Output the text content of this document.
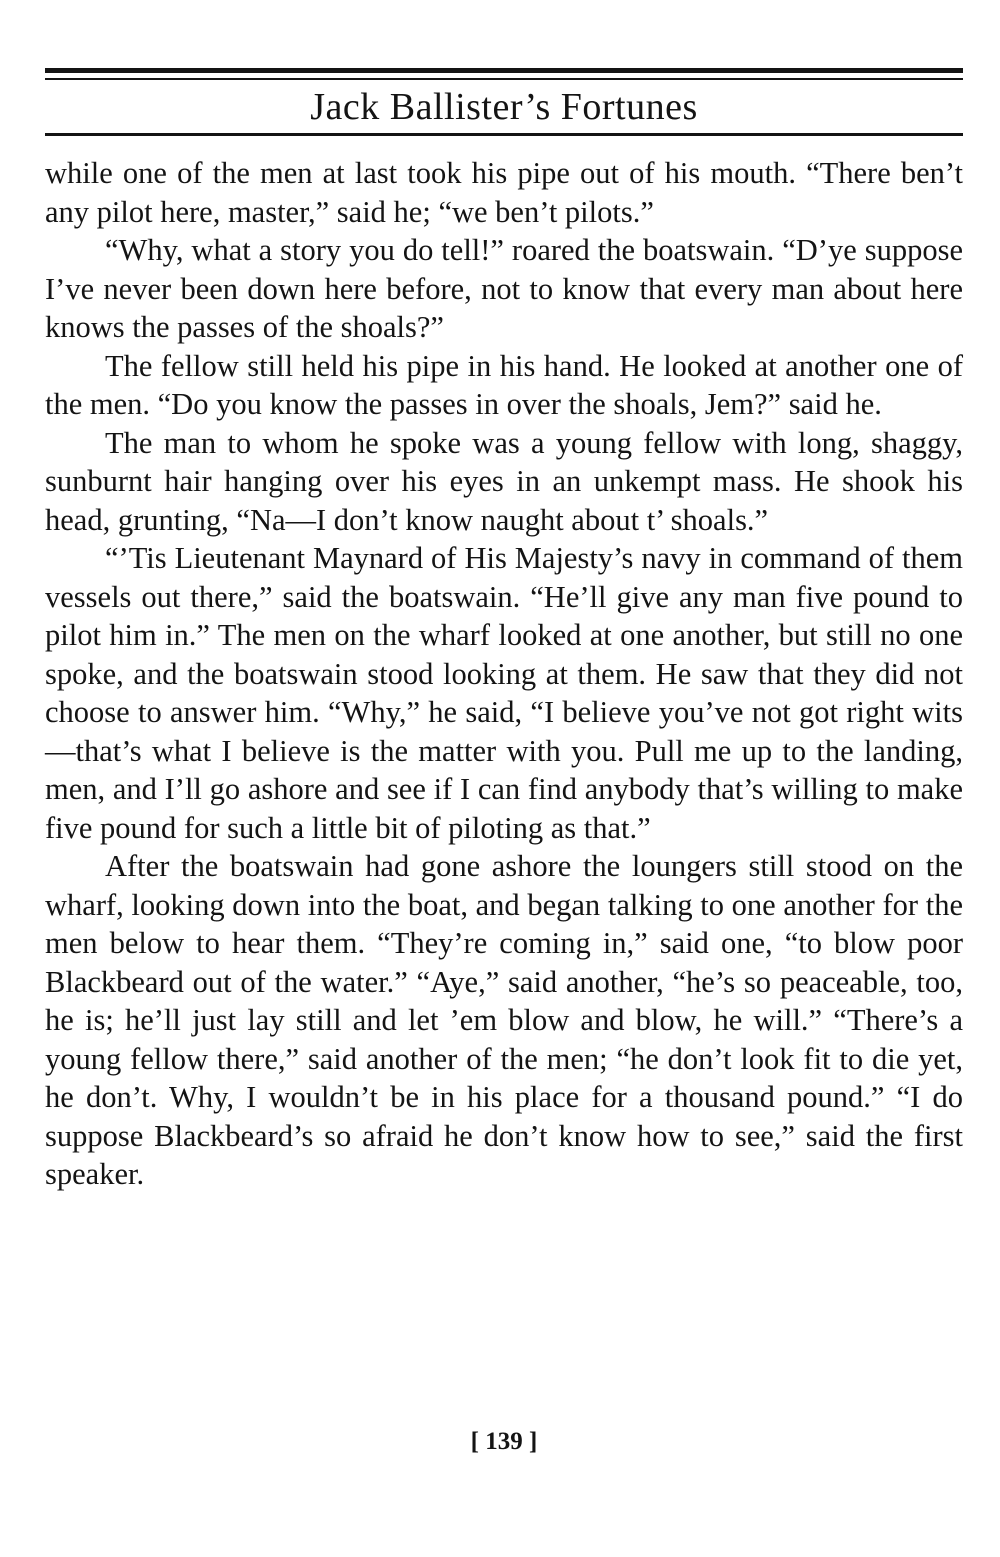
Jack Ballister’s Fortunes

while one of the men at last took his pipe out of his mouth. “There ben’t any pilot here, master,” said he; “we ben’t pilots.”

“Why, what a story you do tell!” roared the boatswain. “D’ye suppose I’ve never been down here before, not to know that every man about here knows the passes of the shoals?”

The fellow still held his pipe in his hand. He looked at another one of the men. “Do you know the passes in over the shoals, Jem?” said he.

The man to whom he spoke was a young fellow with long, shaggy, sunburnt hair hanging over his eyes in an unkempt mass. He shook his head, grunting, “Na—I don’t know naught about t’ shoals.”

“’Tis Lieutenant Maynard of His Majesty’s navy in command of them vessels out there,” said the boatswain. “He’ll give any man five pound to pilot him in.” The men on the wharf looked at one another, but still no one spoke, and the boatswain stood looking at them. He saw that they did not choose to answer him. “Why,” he said, “I believe you’ve not got right wits—that’s what I believe is the matter with you. Pull me up to the landing, men, and I’ll go ashore and see if I can find anybody that’s willing to make five pound for such a little bit of piloting as that.”

After the boatswain had gone ashore the loungers still stood on the wharf, looking down into the boat, and began talking to one another for the men below to hear them. “They’re coming in,” said one, “to blow poor Blackbeard out of the water.” “Aye,” said another, “he’s so peaceable, too, he is; he’ll just lay still and let ’em blow and blow, he will.” “There’s a young fellow there,” said another of the men; “he don’t look fit to die yet, he don’t. Why, I wouldn’t be in his place for a thousand pound.” “I do suppose Blackbeard’s so afraid he don’t know how to see,” said the first speaker.

[ 139 ]
